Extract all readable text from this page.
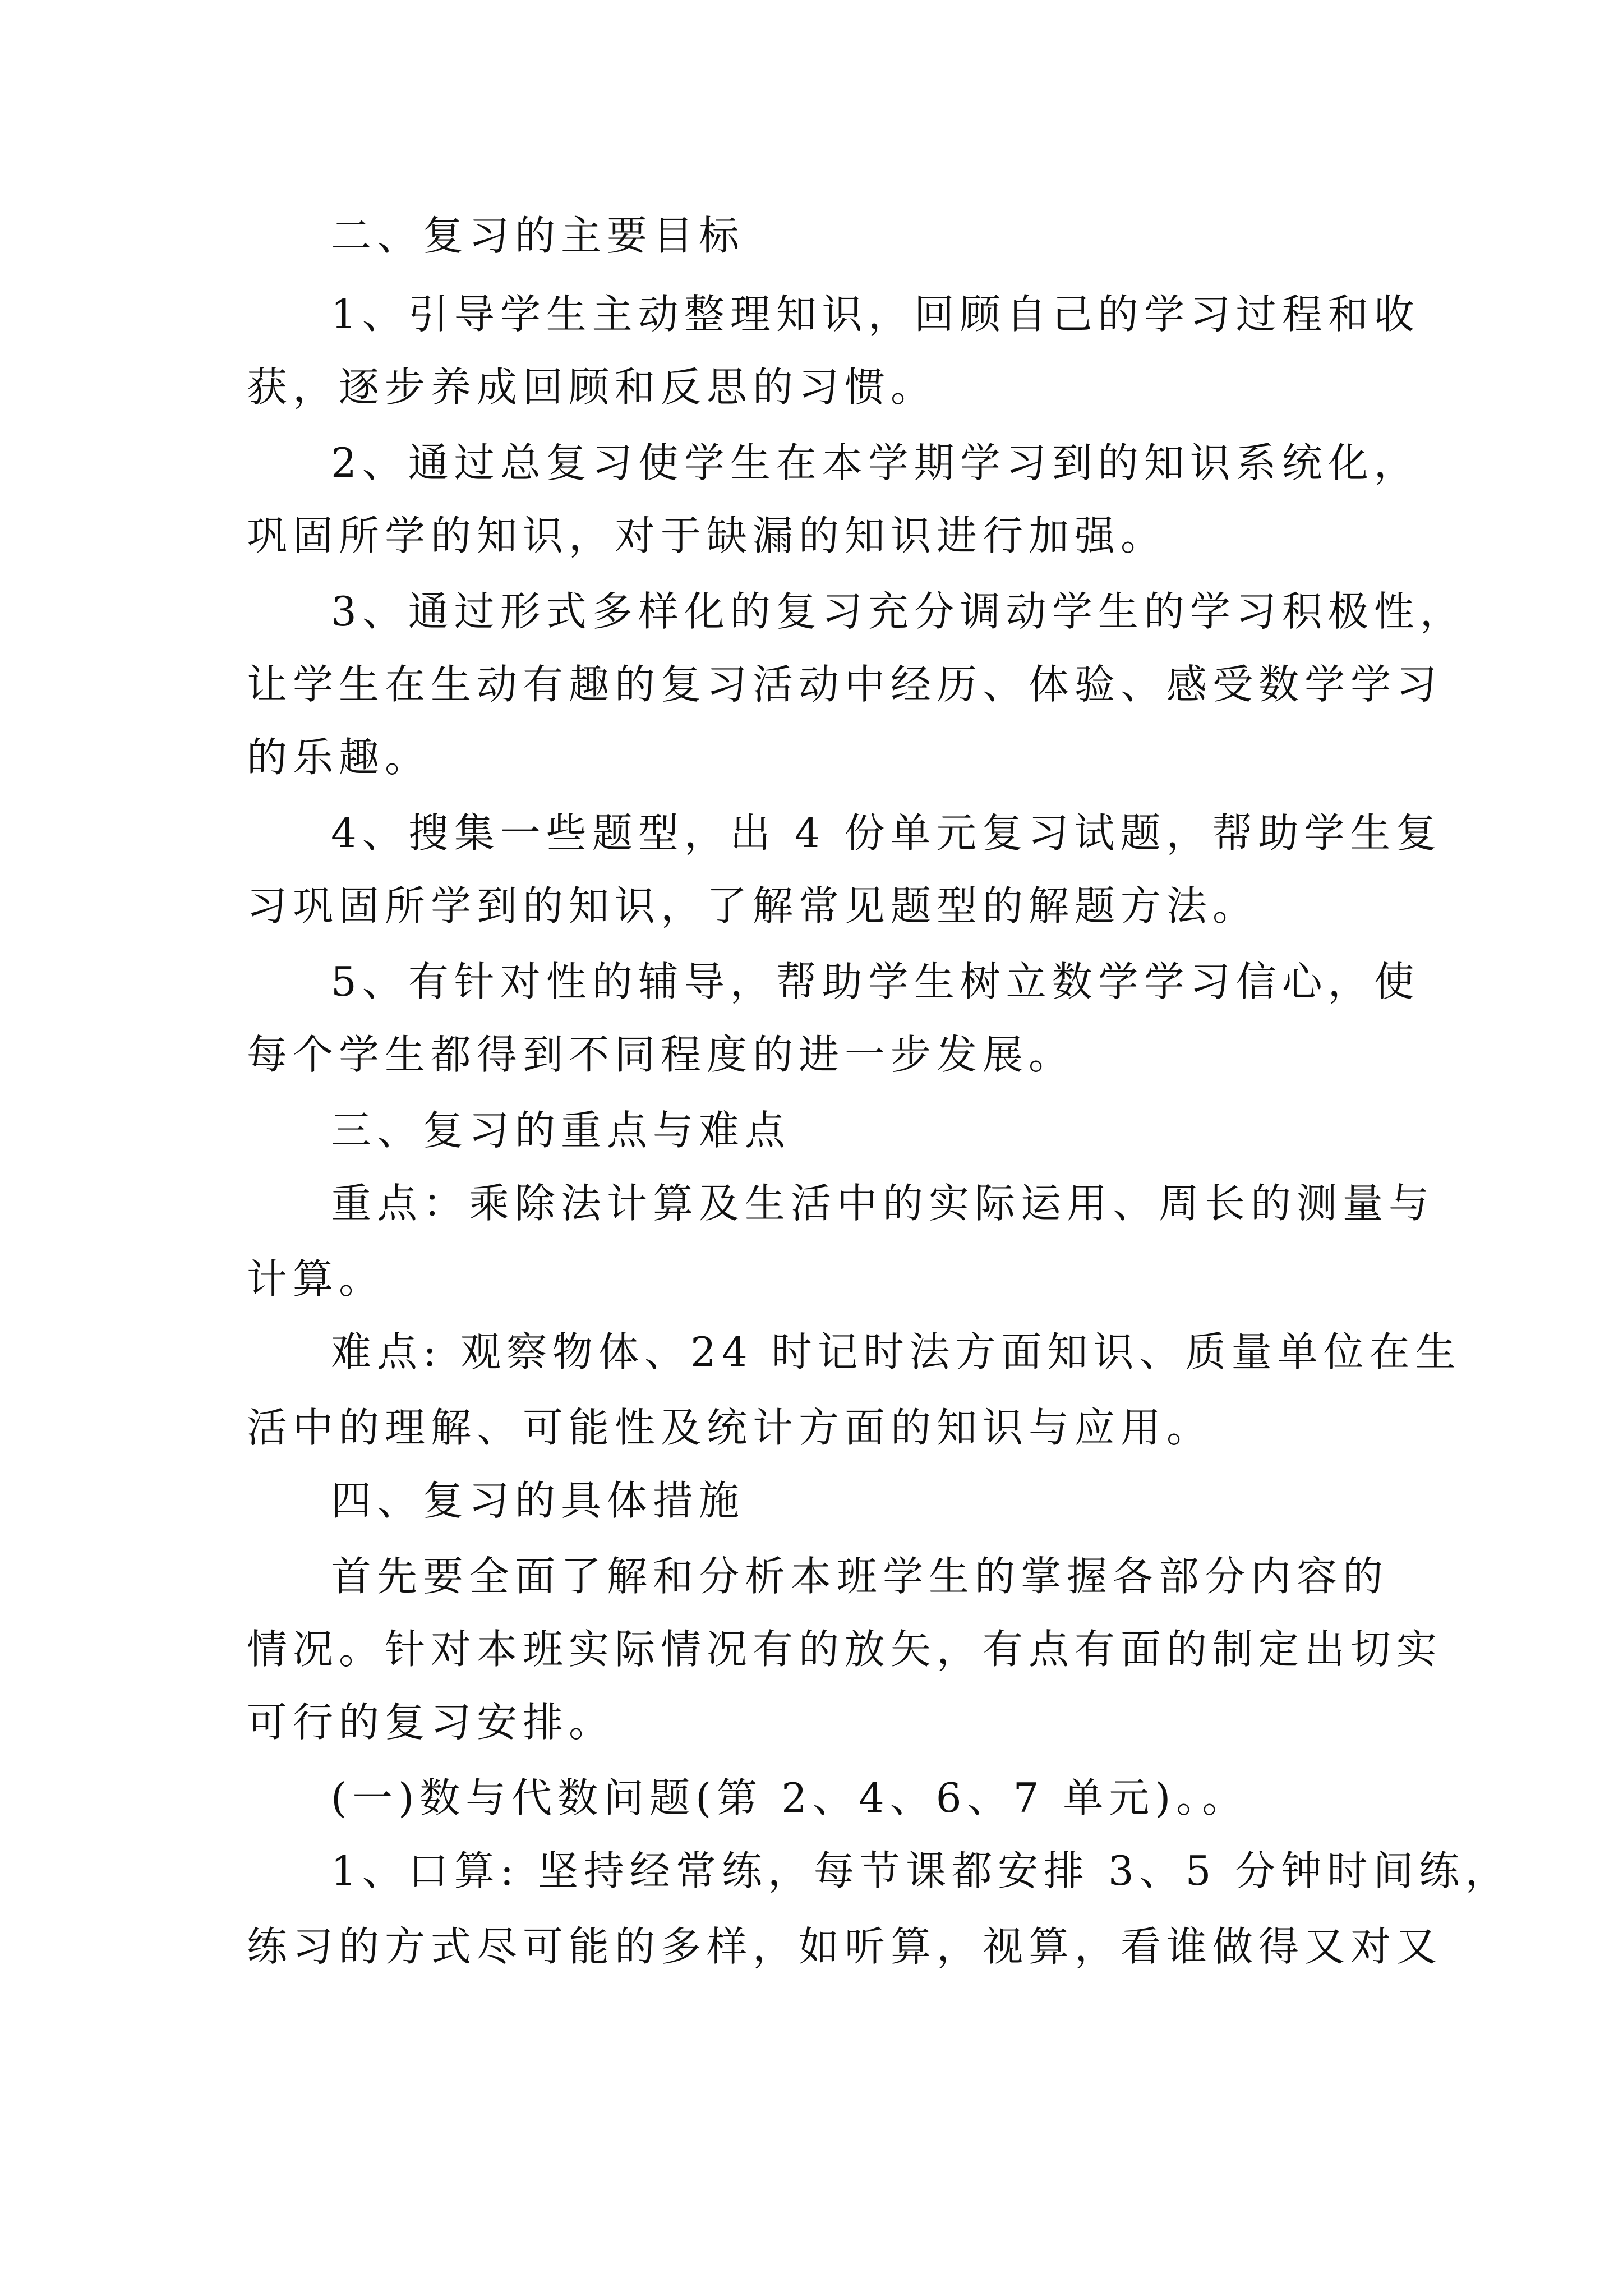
二、复习的主要目标
1、引导学生主动整理知识，回顾自己的学习过程和收
获，逐步养成回顾和反思的习惯。
2、通过总复习使学生在本学期学习到的知识系统化，
巩固所学的知识，对于缺漏的知识进行加强。
3、通过形式多样化的复习充分调动学生的学习积极性，
让学生在生动有趣的复习活动中经历、体验、感受数学学习
的乐趣。
4、搜集一些题型，出 4 份单元复习试题，帮助学生复
习巩固所学到的知识，了解常见题型的解题方法。
5、有针对性的辅导，帮助学生树立数学学习信心，使
每个学生都得到不同程度的进一步发展。
三、复习的重点与难点
重点：乘除法计算及生活中的实际运用、周长的测量与
计算。
难点: 观察物体、24 时记时法方面知识、质量单位在生
活中的理解、可能性及统计方面的知识与应用。
四、复习的具体措施
首先要全面了解和分析本班学生的掌握各部分内容的
情况。针对本班实际情况有的放矢，有点有面的制定出切实
可行的复习安排。
(一)数与代数问题(第 2、4、6、7 单元)。。
1、口算: 坚持经常练，每节课都安排 3、5 分钟时间练，
练习的方式尽可能的多样，如听算，视算，看谁做得又对又
